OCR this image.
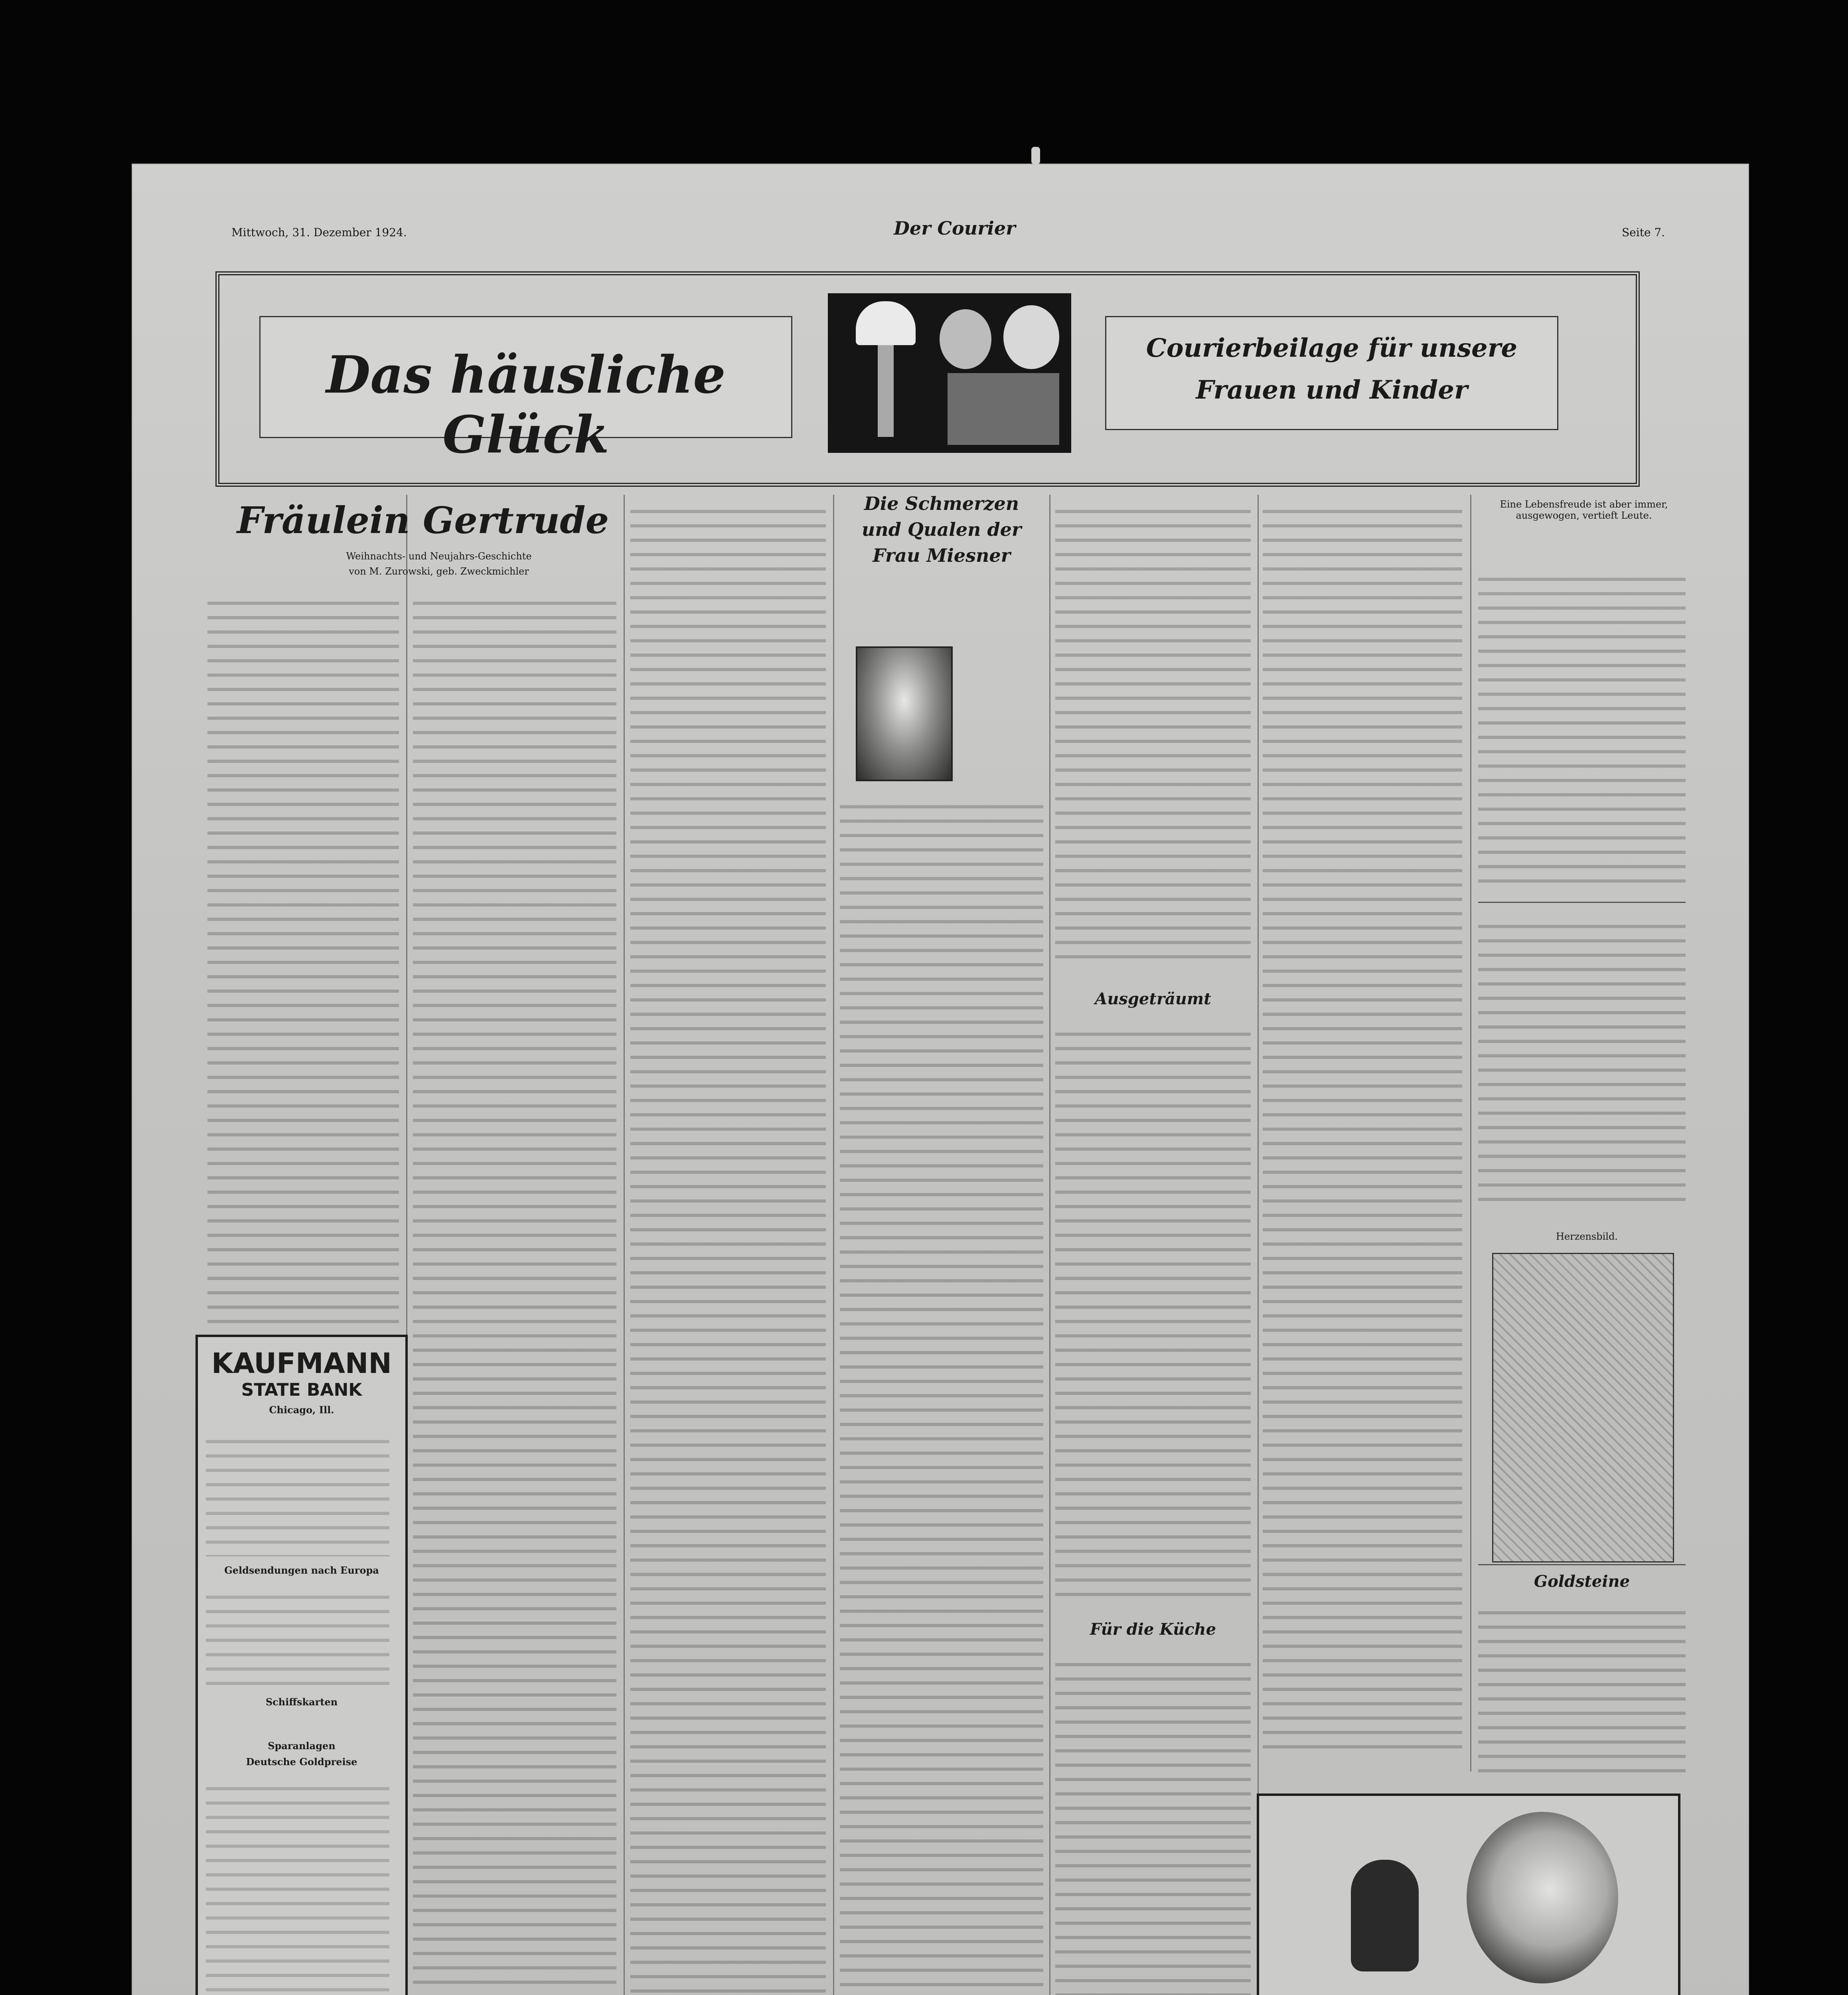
Mittwoch, 31. Dezember 1924.	Der Courier	Seite 7.
Das häusliche Glück
Courierbeilage für unsere
Frauen und Kinder
Fräulein Gertrude
Weihnachts- und Neujahrs-Geschichte
von M. Zurowski, geb. Zweckmichler
Die Schmerzen
und Qualen der
Frau Miesner
Ausgeträumt
Für die Küche
Eine Lebensfreude ist aber immer, ausgewogen, vertieft Leute.
Herzensbild.
Goldsteine
KAUFMANN
STATE BANK
Chicago, Ill.
Geldsendungen nach Europa
Schiffskarten
Sparanlagen
Deutsche Goldpreise
